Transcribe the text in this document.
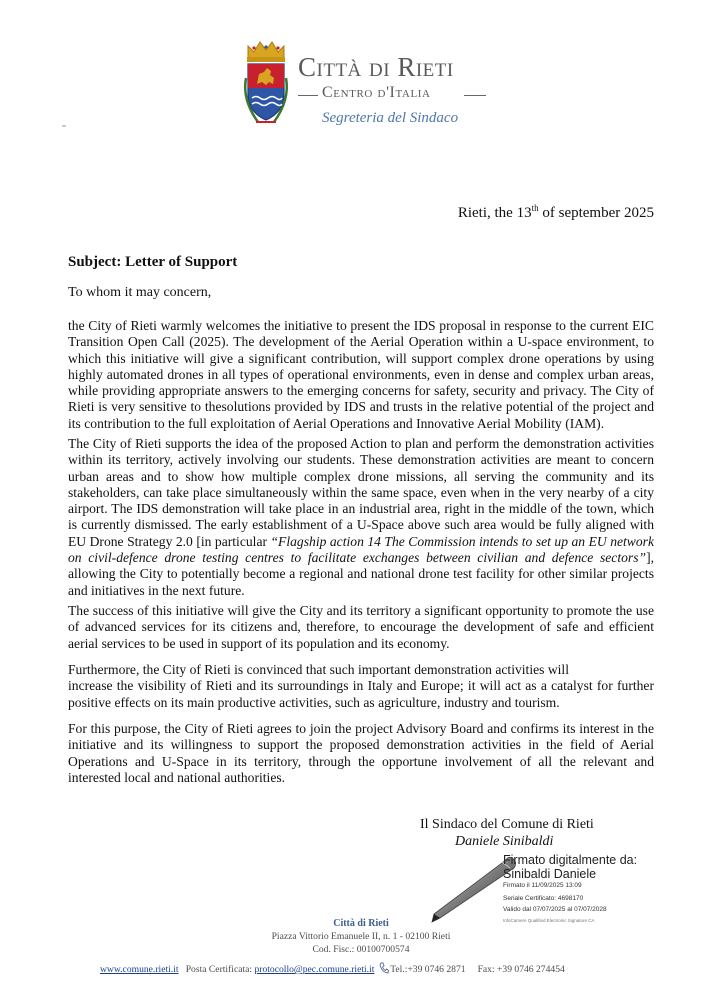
Città di Rieti
Centro d'Italia
Segreteria del Sindaco
Rieti, the 13th of september 2025
Subject: Letter of Support
To whom it may concern,

the City of Rieti warmly welcomes the initiative to present the IDS proposal in response to the current EIC Transition Open Call (2025). The development of the Aerial Operation within a U-space environment, to which this initiative will give a significant contribution, will support complex drone operations by using highly automated drones in all types of operational environments, even in dense and complex urban areas, while providing appropriate answers to the emerging concerns for safety, security and privacy. The City of Rieti is very sensitive to thesolutions provided by IDS and trusts in the relative potential of the project and its contribution to the full exploitation of Aerial Operations and Innovative Aerial Mobility (IAM).

The City of Rieti supports the idea of the proposed Action to plan and perform the demonstration activities within its territory, actively involving our students. These demonstration activities are meant to concern urban areas and to show how multiple complex drone missions, all serving the community and its stakeholders, can take place simultaneously within the same space, even when in the very nearby of a city airport. The IDS demonstration will take place in an industrial area, right in the middle of the town, which is currently dismissed. The early establishment of a U-Space above such area would be fully aligned with EU Drone Strategy 2.0 [in particular “Flagship action 14 The Commission intends to set up an EU network on civil-defence drone testing centres to facilitate exchanges between civilian and defence sectors”], allowing the City to potentially become a regional and national drone test facility for other similar projects and initiatives in the next future.

The success of this initiative will give the City and its territory a significant opportunity to promote the use of advanced services for its citizens and, therefore, to encourage the development of safe and efficient aerial services to be used in support of its population and its economy.

Furthermore, the City of Rieti is convinced that such important demonstration activities will
increase the visibility of Rieti and its surroundings in Italy and Europe; it will act as a catalyst for further positive effects on its main productive activities, such as agriculture, industry and tourism.

For this purpose, the City of Rieti agrees to join the project Advisory Board and confirms its interest in the initiative and its willingness to support the proposed demonstration activities in the field of Aerial Operations and U-Space in its territory, through the opportune involvement of all the relevant and interested local and national authorities.

Il Sindaco del Comune di Rieti
Daniele Sinibaldi
Firmato digitalmente da:
Sinibaldi Daniele
Firmato il 11/09/2025 13:09
Seriale Certificato: 4698170
Valido dal 07/07/2025 al 07/07/2028
InfoCamere Qualified Electronic Signature CA
Città di Rieti
Piazza Vittorio Emanuele II, n. 1 - 02100 Rieti
Cod. Fisc.: 00100700574
www.comune.rieti.it Posta Certificata: protocollo@pec.comune.rieti.it Tel.:+39 0746 2871 Fax: +39 0746 274454
